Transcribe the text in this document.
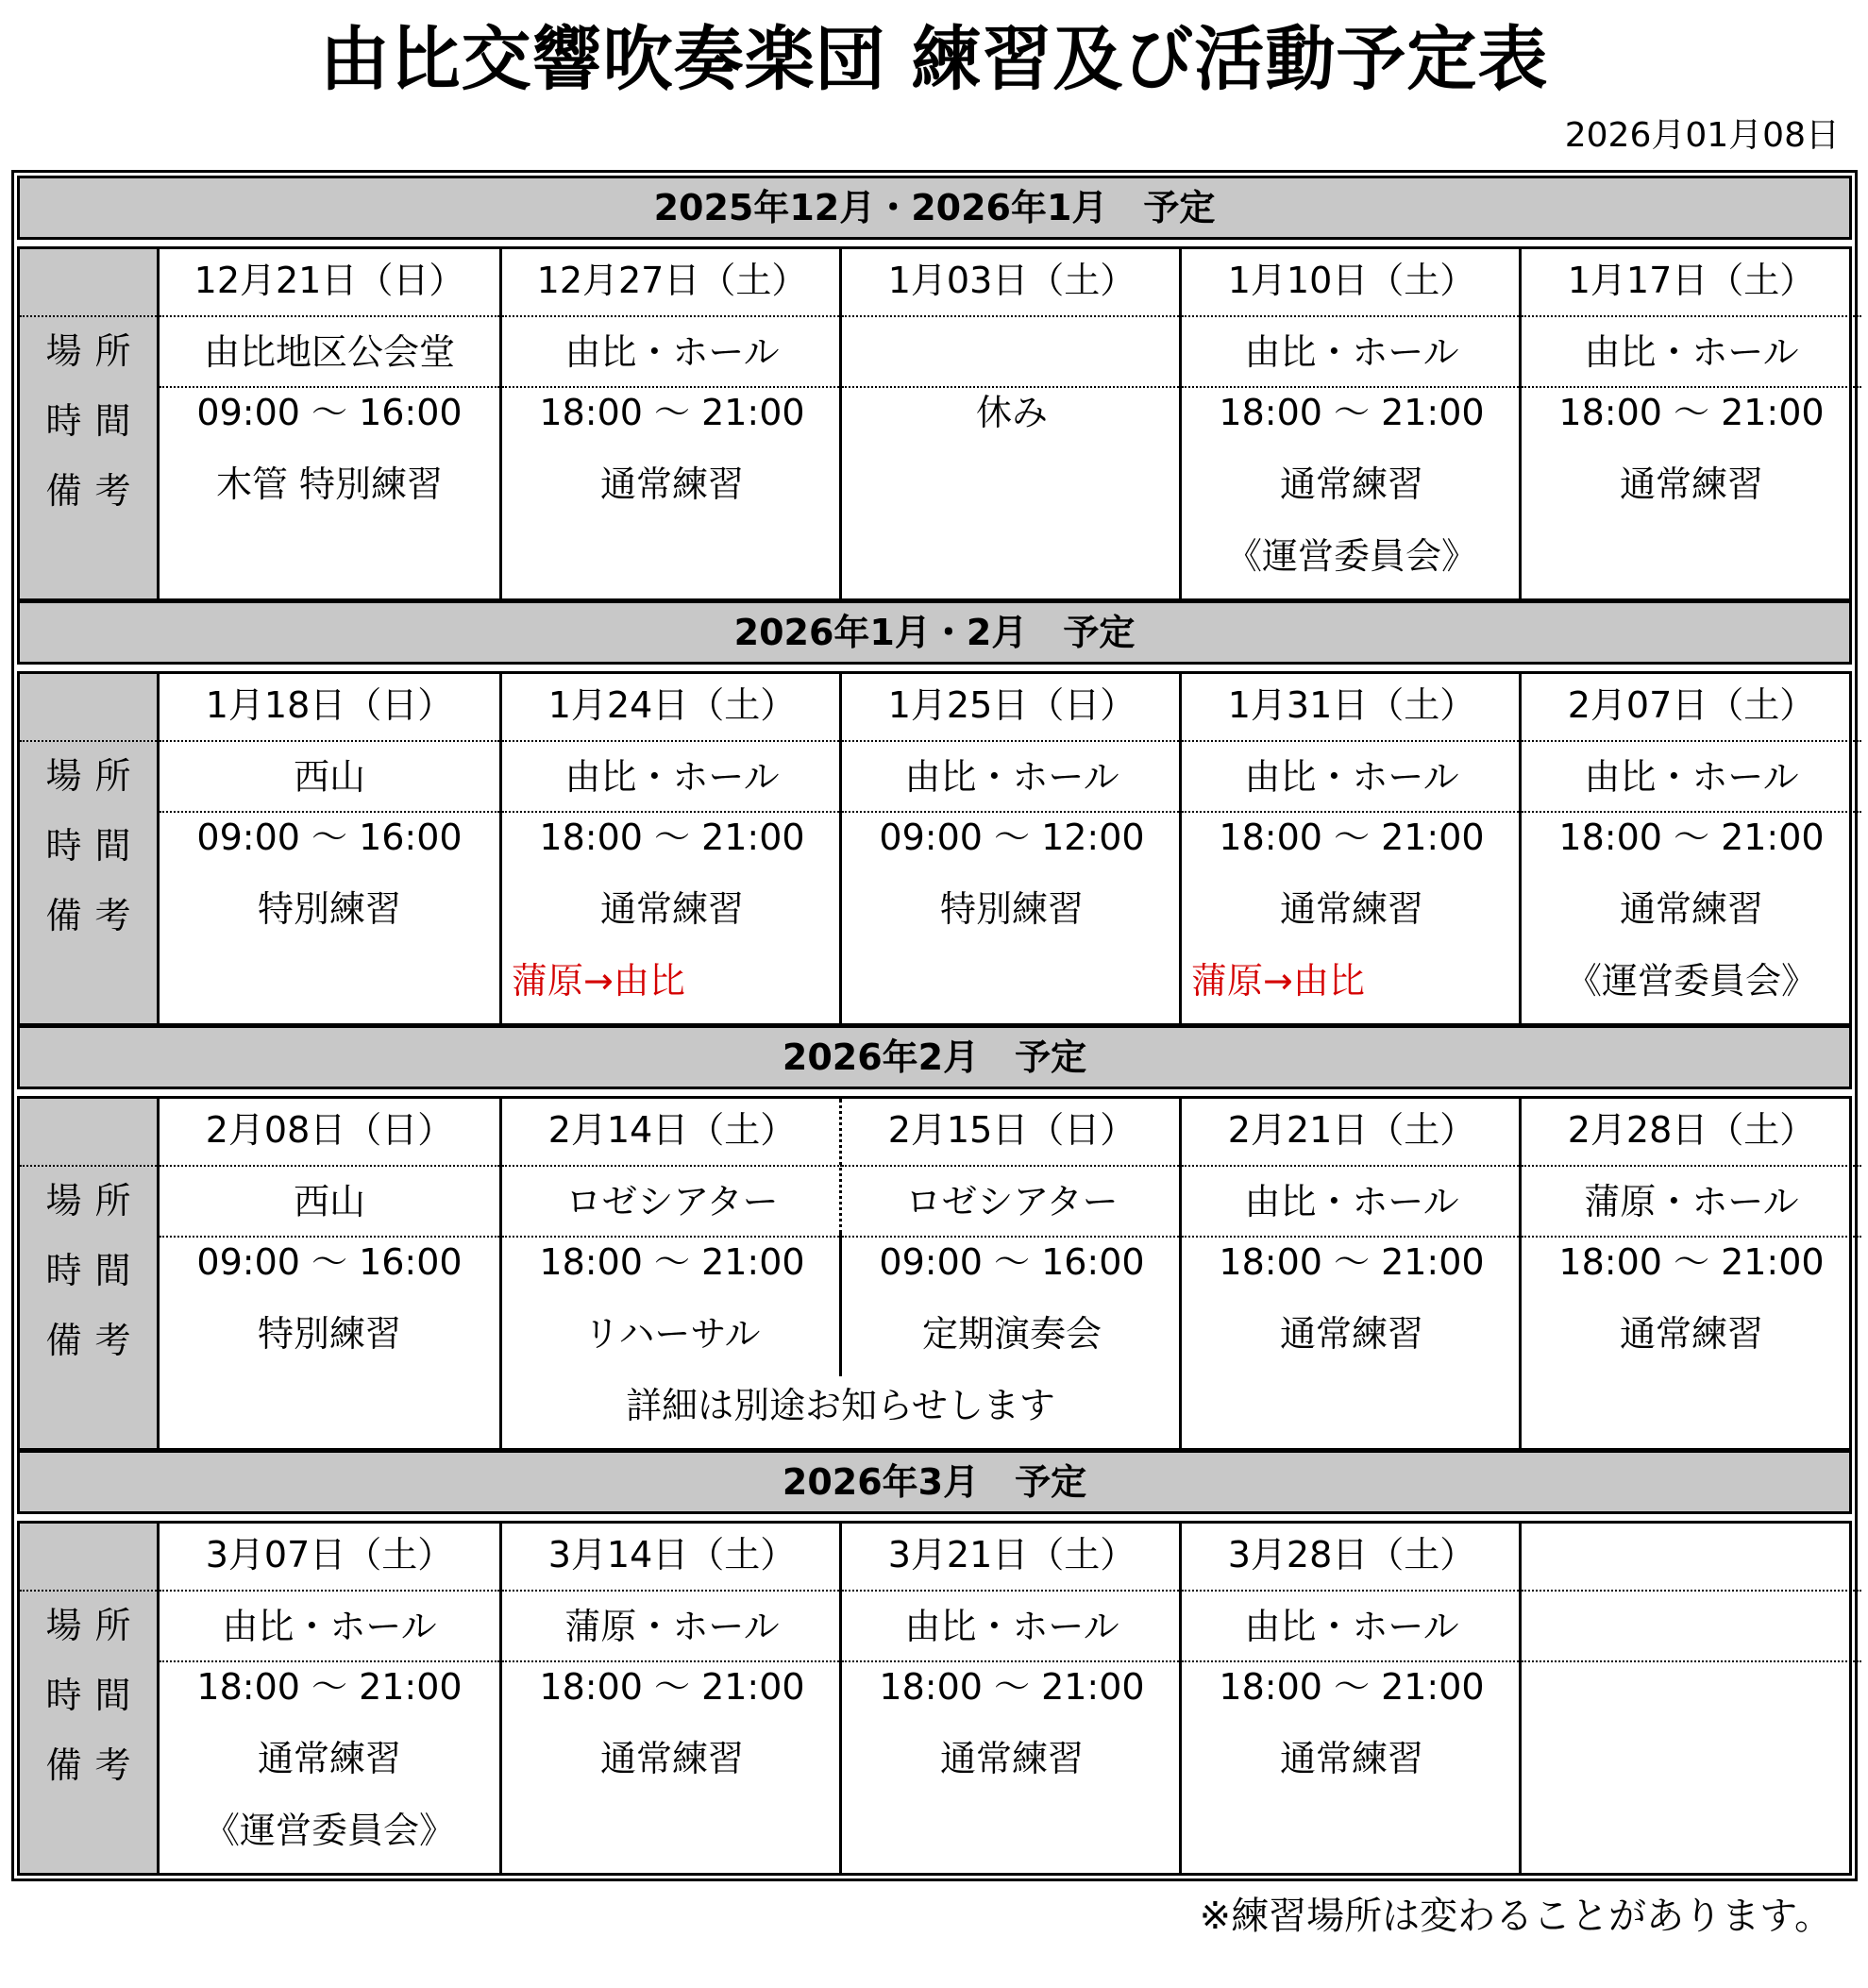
由比交響吹奏楽団 練習及び活動予定表
2026月01月08日
2025年12月・2026年1月　予定
場所
時間
備考
12月21日（日）
由比地区公会堂
09:00 ～ 16:00
木管 特別練習
12月27日（土）
由比・ホール
18:00 ～ 21:00
通常練習
1月03日（土）
休み
1月10日（土）
由比・ホール
18:00 ～ 21:00
通常練習
《運営委員会》
1月17日（土）
由比・ホール
18:00 ～ 21:00
通常練習
2026年1月・2月　予定
場所
時間
備考
1月18日（日）
西山
09:00 ～ 16:00
特別練習
1月24日（土）
由比・ホール
18:00 ～ 21:00
通常練習
蒲原→由比
1月25日（日）
由比・ホール
09:00 ～ 12:00
特別練習
1月31日（土）
由比・ホール
18:00 ～ 21:00
通常練習
蒲原→由比
2月07日（土）
由比・ホール
18:00 ～ 21:00
通常練習
《運営委員会》
2026年2月　予定
場所
時間
備考
2月08日（日）
西山
09:00 ～ 16:00
特別練習
2月14日（土）
ロゼシアター
18:00 ～ 21:00
リハーサル
2月15日（日）
ロゼシアター
09:00 ～ 16:00
定期演奏会
詳細は別途お知らせします
2月21日（土）
由比・ホール
18:00 ～ 21:00
通常練習
2月28日（土）
蒲原・ホール
18:00 ～ 21:00
通常練習
2026年3月　予定
場所
時間
備考
3月07日（土）
由比・ホール
18:00 ～ 21:00
通常練習
《運営委員会》
3月14日（土）
蒲原・ホール
18:00 ～ 21:00
通常練習
3月21日（土）
由比・ホール
18:00 ～ 21:00
通常練習
3月28日（土）
由比・ホール
18:00 ～ 21:00
通常練習
※練習場所は変わることがあります。
